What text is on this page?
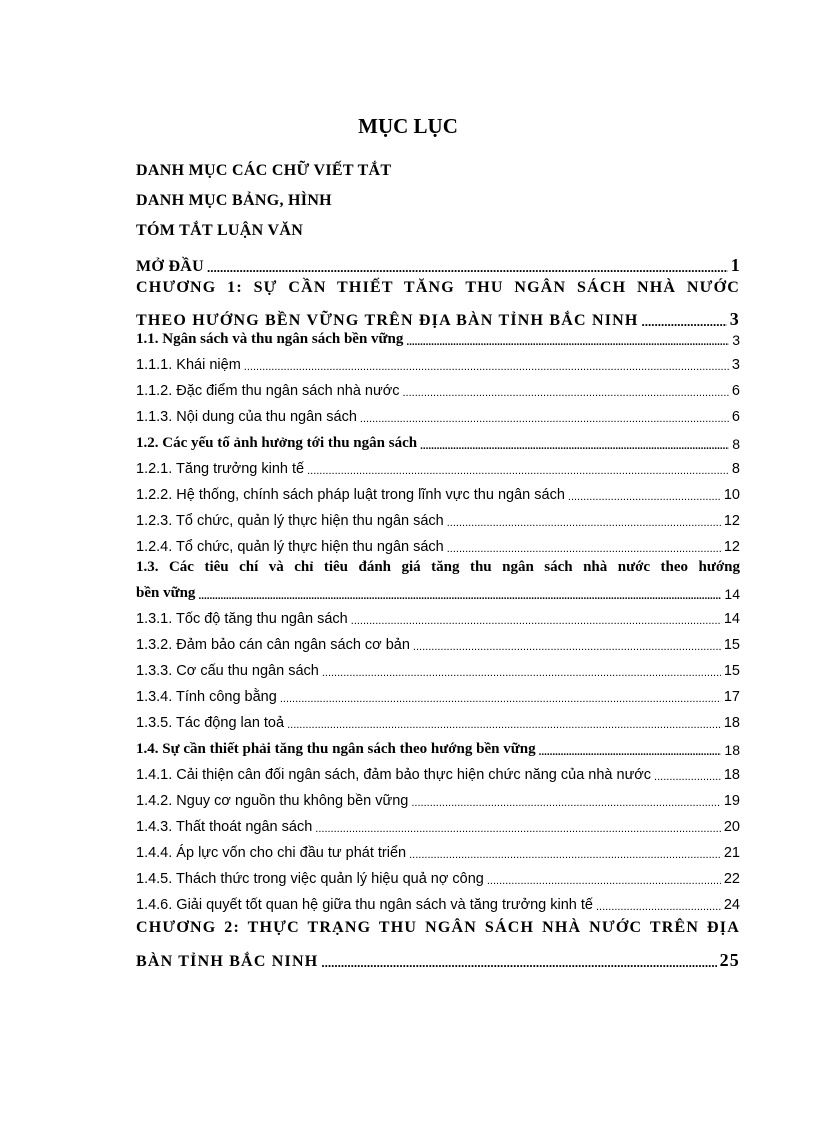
MỤC LỤC
DANH MỤC CÁC CHỮ VIẾT TẮT
DANH MỤC BẢNG, HÌNH
TÓM TẮT LUẬN VĂN
MỞ ĐẦU .....	1
CHƯƠNG 1: SỰ CẦN THIẾT TĂNG THU NGÂN SÁCH NHÀ NƯỚC
THEO HƯỚNG BỀN VỮNG TRÊN ĐỊA BÀN TỈNH BẮC NINH .....	3
1.1. Ngân sách và thu ngân sách bền vững .....	3
1.1.1. Khái niệm .....	3
1.1.2. Đặc điểm thu ngân sách nhà nước .....	6
1.1.3. Nội dung của thu ngân sách .....	6
1.2. Các yếu tố ảnh hưởng tới thu ngân sách .....	8
1.2.1. Tăng trưởng kinh tế .....	8
1.2.2. Hệ thống, chính sách pháp luật trong lĩnh vực thu ngân sách .....	10
1.2.3. Tổ chức, quản lý thực hiện thu ngân sách .....	12
1.2.4. Tổ chức, quản lý thực hiện thu ngân sách .....	12
1.3. Các tiêu chí và chỉ tiêu đánh giá tăng thu ngân sách nhà nước theo hướng
bền vững .....	14
1.3.1. Tốc độ tăng thu ngân sách .....	14
1.3.2. Đảm bảo cán cân ngân sách cơ bản .....	15
1.3.3. Cơ cấu thu ngân sách .....	15
1.3.4. Tính công bằng .....	17
1.3.5. Tác động lan toả .....	18
1.4. Sự cần thiết phải tăng thu ngân sách theo hướng bền vững .....	18
1.4.1. Cải thiện cân đối ngân sách, đảm bảo thực hiện chức năng của nhà nước .....	18
1.4.2. Nguy cơ nguồn thu không bền vững .....	19
1.4.3. Thất thoát ngân sách .....	20
1.4.4. Áp lực vốn cho chi đầu tư phát triển .....	21
1.4.5. Thách thức trong việc quản lý hiệu quả nợ công .....	22
1.4.6. Giải quyết tốt quan hệ giữa thu ngân sách và tăng trưởng kinh tế .....	24
CHƯƠNG 2: THỰC TRẠNG THU NGÂN SÁCH NHÀ NƯỚC TRÊN ĐỊA
BÀN TỈNH BẮC NINH .....	25
